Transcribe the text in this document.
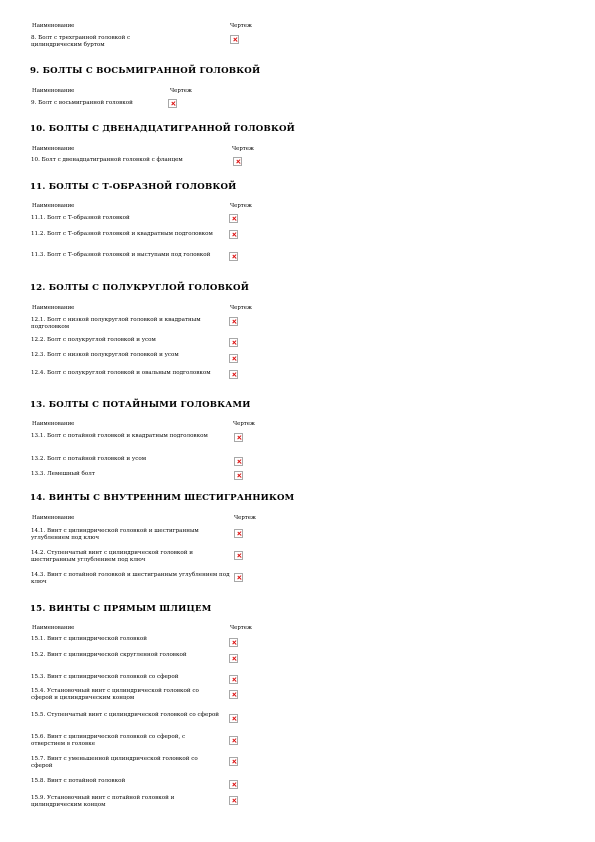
Наименование	Чертеж
8. Болт с трехгранной головкой с цилиндрическим буртом
9. БОЛТЫ С ВОСЬМИГРАННОЙ ГОЛОВКОЙ
Наименование	Чертеж
9. Болт с восьмигранной головкой
10. БОЛТЫ С ДВЕНАДЦАТИГРАННОЙ ГОЛОВКОЙ
Наименование	Чертеж
10. Болт с двенадцатигранной головкой с фланцем
11. БОЛТЫ С Т-ОБРАЗНОЙ ГОЛОВКОЙ
Наименование	Чертеж
11.1. Болт с Т-образной головкой
11.2. Болт с Т-образной головкой и квадратным подголовком
11.3. Болт с Т-образной головкой и выступами под головкой
12. БОЛТЫ С ПОЛУКРУГЛОЙ ГОЛОВКОЙ
Наименование	Чертеж
12.1. Болт с низкой полукруглой головкой и квадратным подголовком
12.2. Болт с полукруглой головкой и усом
12.3. Болт с низкой полукруглой головкой и усом
12.4. Болт с полукруглой головкой и овальным подголовком
13. БОЛТЫ С ПОТАЙНЫМИ ГОЛОВКАМИ
Наименование	Чертеж
13.1. Болт с потайной головкой и квадратным подголовком
13.2. Болт с потайной головкой и усом
13.3. Лемешный болт
14. ВИНТЫ С ВНУТРЕННИМ ШЕСТИГРАННИКОМ
Наименование	Чертеж
14.1. Винт с цилиндрической головкой и шестигранным углублением под ключ
14.2. Ступенчатый винт с цилиндрической головкой и шестигранным углублением под ключ
14.3. Винт с потайной головкой и шестигранным углублением под ключ
15. ВИНТЫ С ПРЯМЫМ ШЛИЦЕМ
Наименование	Чертеж
15.1. Винт с цилиндрической головкой
15.2. Винт с цилиндрической скругленной головкой
15.3. Винт с цилиндрической головкой со сферой
15.4. Установочный винт с цилиндрической головкой со сферой и цилиндрическим концом
15.5. Ступенчатый винт с цилиндрической головкой со сферой
15.6. Винт с цилиндрической головкой со сферой, с отверстием в головке
15.7. Винт с уменьшенной цилиндрической головкой со сферой
15.8. Винт с потайной головкой
15.9. Установочный винт с потайной головкой и цилиндрическим концом
